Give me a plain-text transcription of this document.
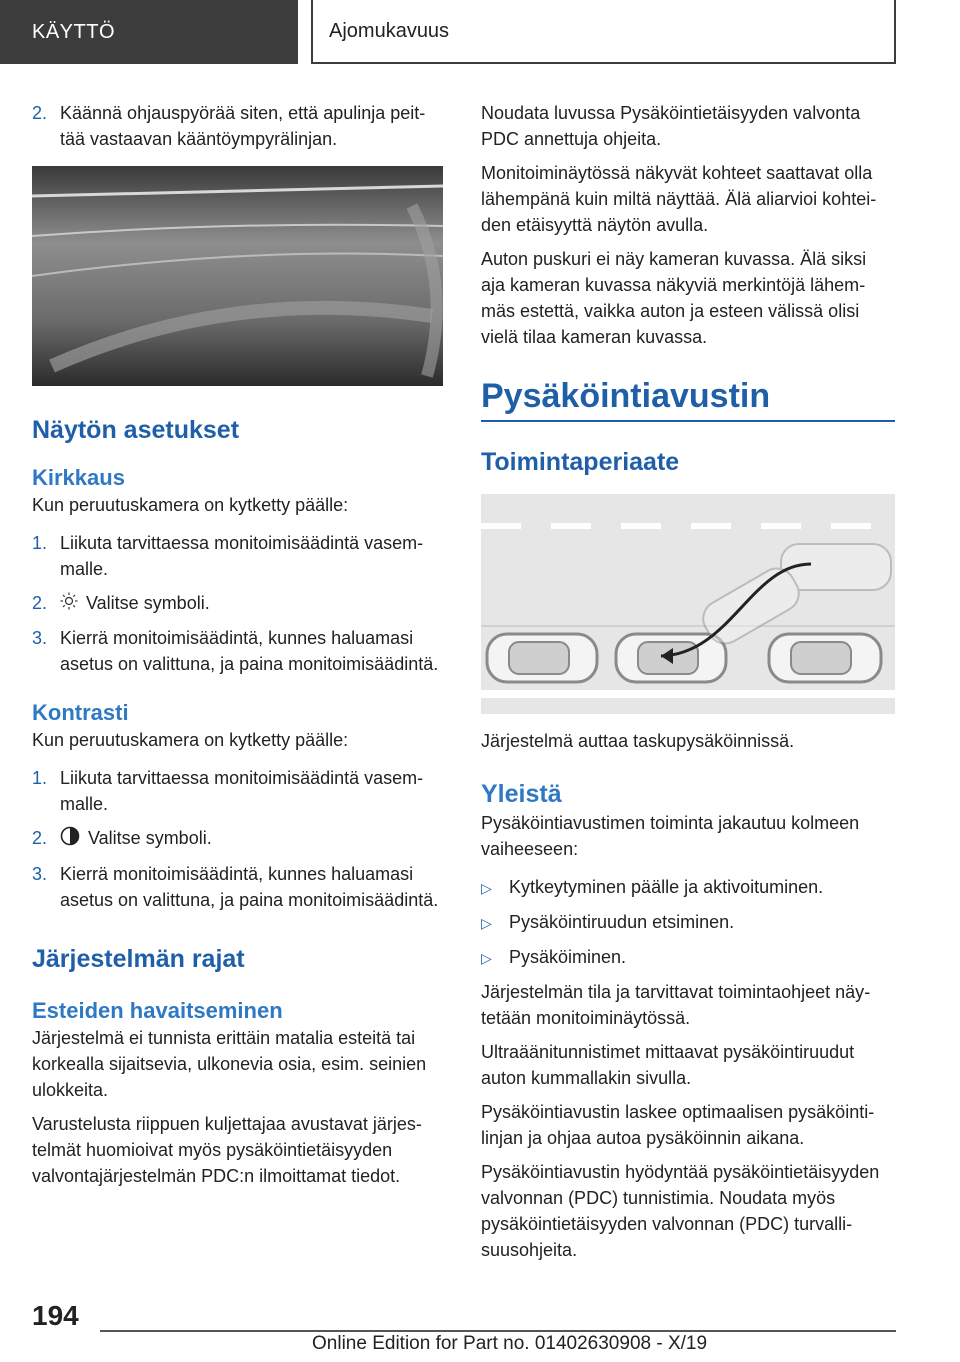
KÄYTTÖ	Ajomukavuus
2. Käännä ohjauspyörää siten, että apulinja peittää vastaavan kääntöympyrälinjan.
Näytön asetukset
Kirkkaus

Kun peruutuskamera on kytketty päälle:

1. Liikuta tarvittaessa monitoimisäädintä vasemmalle.
2.	Valitse symboli.
3. Kierrä monitoimisäädintä, kunnes haluamasi asetus on valittuna, ja paina monitoimisäädintä.
Kontrasti

Kun peruutuskamera on kytketty päälle:

1. Liikuta tarvittaessa monitoimisäädintä vasemmalle.
2.	Valitse symboli.
3. Kierrä monitoimisäädintä, kunnes haluamasi asetus on valittuna, ja paina monitoimisäädintä.
Järjestelmän rajat
Esteiden havaitseminen

Järjestelmä ei tunnista erittäin matalia esteitä tai korkealla sijaitsevia, ulkonevia osia, esim. seinien ulokkeita.

Varustelusta riippuen kuljettajaa avustavat järjestelmät huomioivat myös pysäköintietäisyyden valvontajärjestelmän PDC:n ilmoittamat tiedot.

Noudata luvussa Pysäköintietäisyyden valvonta PDC annettuja ohjeita.

Monitoiminäytössä näkyvät kohteet saattavat olla lähempänä kuin miltä näyttää. Älä aliarvioi kohteiden etäisyyttä näytön avulla.

Auton puskuri ei näy kameran kuvassa. Älä siksi aja kameran kuvassa näkyviä merkintöjä lähemmäs estettä, vaikka auton ja esteen välissä olisi vielä tilaa kameran kuvassa.

Pysäköintiavustin
Toimintaperiaate

Järjestelmä auttaa taskupysäköinnissä.

Yleistä

Pysäköintiavustimen toiminta jakautuu kolmeen vaiheeseen:

▷ Kytkeytyminen päälle ja aktivoituminen.
▷ Pysäköintiruudun etsiminen.
▷ Pysäköiminen.

Järjestelmän tila ja tarvittavat toimintaohjeet näytetään monitoiminäytössä.

Ultraäänitunnistimet mittaavat pysäköintiruudut auton kummallakin sivulla.

Pysäköintiavustin laskee optimaalisen pysäköintilinjan ja ohjaa autoa pysäköinnin aikana.

Pysäköintiavustin hyödyntää pysäköintietäisyyden valvonnan (PDC) tunnistimia. Noudata myös pysäköintietäisyyden valvonnan (PDC) turvallisuusohjeita.

194
Online Edition for Part no. 01402630908 - X/19
